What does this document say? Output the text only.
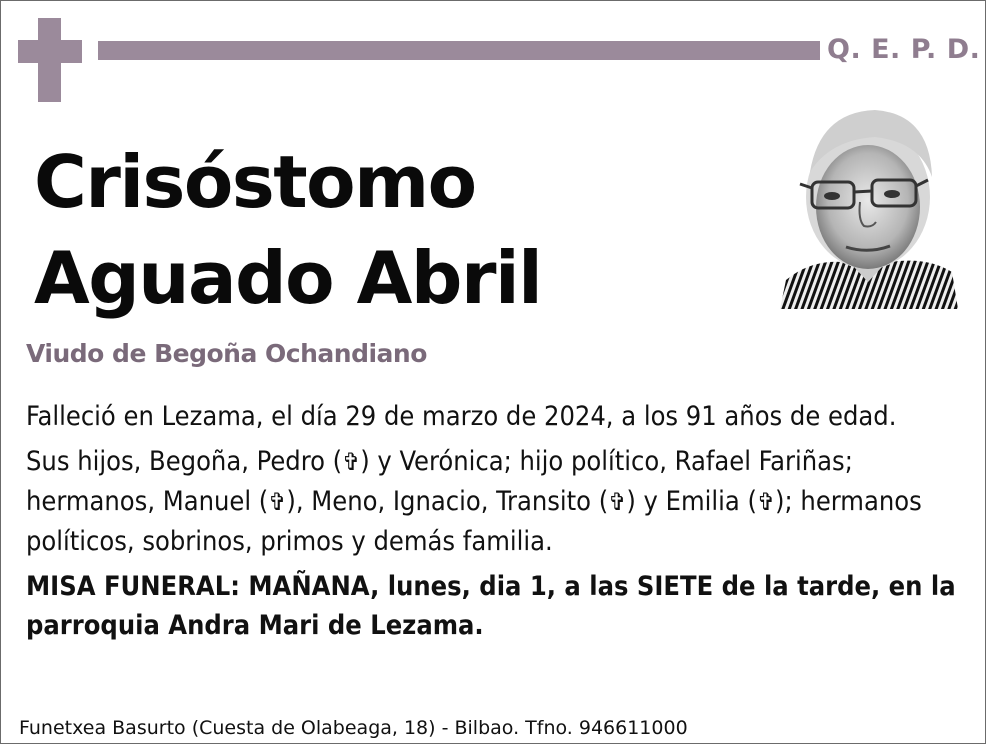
Q. E. P. D.
Crisóstomo
Aguado Abril
Viudo de Begoña Ochandiano

Falleció en Lezama, el día 29 de marzo de 2024, a los 91 años de edad.

Sus hijos, Begoña, Pedro (✞) y Verónica; hijo político, Rafael Fariñas; hermanos, Manuel (✞), Meno, Ignacio, Transito (✞) y Emilia (✞); hermanos políticos, sobrinos, primos y demás familia.

MISA FUNERAL: MAÑANA, lunes, dia 1, a las SIETE de la tarde, en la parroquia Andra Mari de Lezama.

Funetxea Basurto (Cuesta de Olabeaga, 18) - Bilbao. Tfno. 946611000
